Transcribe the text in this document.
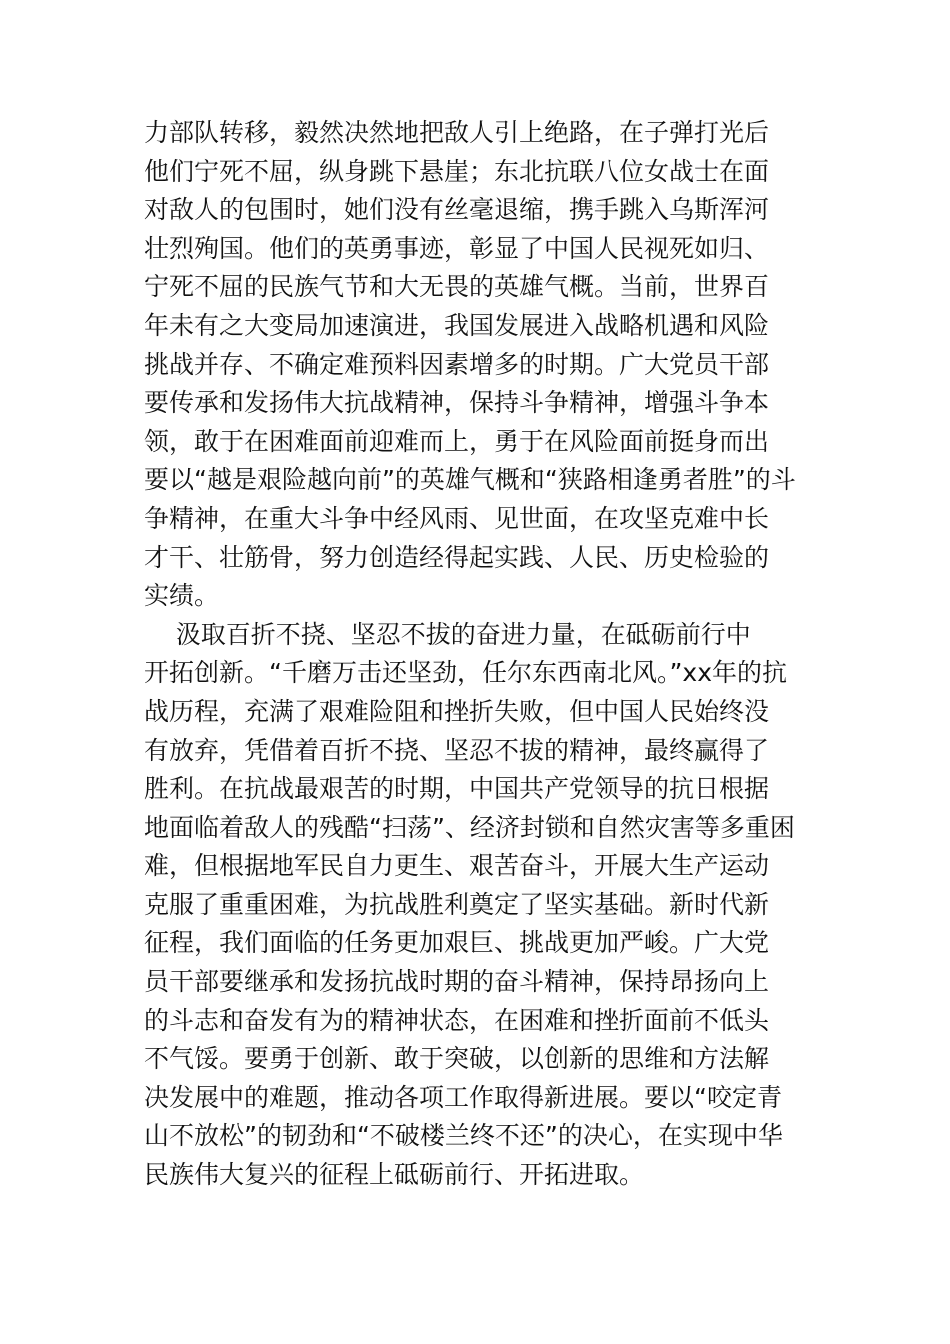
力部队转移，毅然决然地把敌人引上绝路，在子弹打光后
他们宁死不屈，纵身跳下悬崖；东北抗联八位女战士在面
对敌人的包围时，她们没有丝毫退缩，携手跳入乌斯浑河
壮烈殉国。他们的英勇事迹，彰显了中国人民视死如归、
宁死不屈的民族气节和大无畏的英雄气概。当前，世界百
年未有之大变局加速演进，我国发展进入战略机遇和风险
挑战并存、不确定难预料因素增多的时期。广大党员干部
要传承和发扬伟大抗战精神，保持斗争精神，增强斗争本
领，敢于在困难面前迎难而上，勇于在风险面前挺身而出
要以“越是艰险越向前”的英雄气概和“狭路相逢勇者胜”的斗
争精神，在重大斗争中经风雨、见世面，在攻坚克难中长
才干、壮筋骨，努力创造经得起实践、人民、历史检验的
实绩。
汲取百折不挠、坚忍不拔的奋进力量，在砥砺前行中
开拓创新。“千磨万击还坚劲，任尔东西南北风。”xx年的抗
战历程，充满了艰难险阻和挫折失败，但中国人民始终没
有放弃，凭借着百折不挠、坚忍不拔的精神，最终赢得了
胜利。在抗战最艰苦的时期，中国共产党领导的抗日根据
地面临着敌人的残酷“扫荡”、经济封锁和自然灾害等多重困
难，但根据地军民自力更生、艰苦奋斗，开展大生产运动
克服了重重困难，为抗战胜利奠定了坚实基础。新时代新
征程，我们面临的任务更加艰巨、挑战更加严峻。广大党
员干部要继承和发扬抗战时期的奋斗精神，保持昂扬向上
的斗志和奋发有为的精神状态，在困难和挫折面前不低头
不气馁。要勇于创新、敢于突破，以创新的思维和方法解
决发展中的难题，推动各项工作取得新进展。要以“咬定青
山不放松”的韧劲和“不破楼兰终不还”的决心，在实现中华
民族伟大复兴的征程上砥砺前行、开拓进取。
